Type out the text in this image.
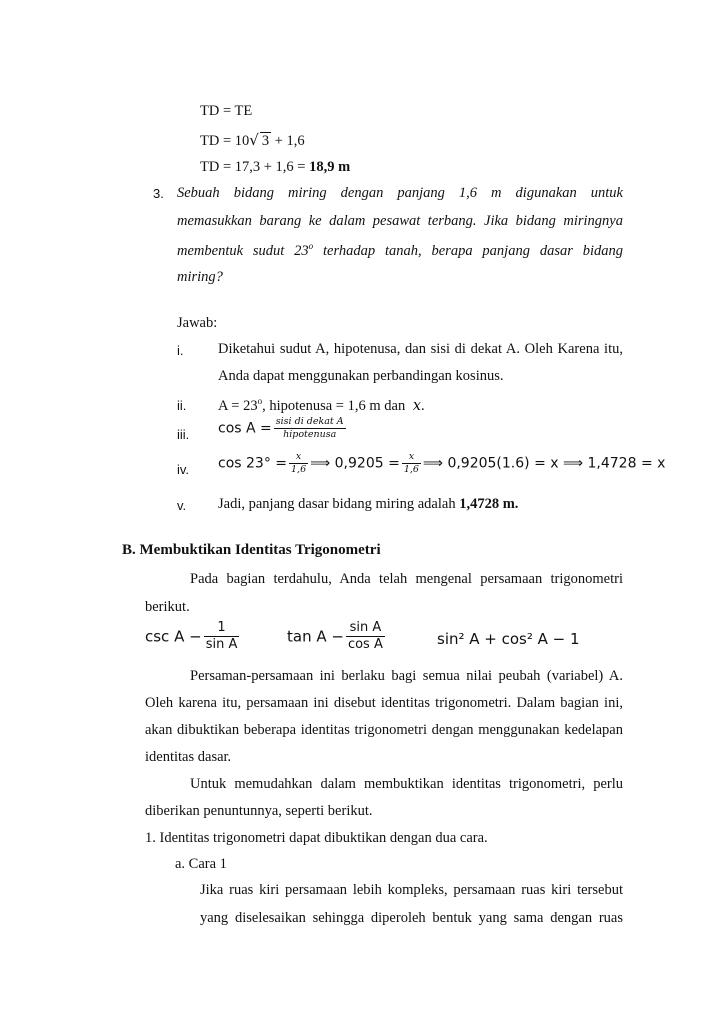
TD = TE
TD = 10√ 3 + 1,6
TD = 17,3 + 1,6 = 18,9 m
3. Sebuah bidang miring dengan panjang 1,6 m digunakan untuk
memasukkan barang ke dalam pesawat terbang. Jika bidang miringnya
membentuk sudut 23$^o$ terhadap tanah, berapa panjang dasar bidang
miring?
Jawab:
i. Diketahui sudut A, hipotenusa, dan sisi di dekat A. Oleh Karena itu,
Anda dapat menggunakan perbandingan kosinus.
ii. $A = 23^o$, hipotenusa = 1,6 m dan x.
iii. $\cos A = \frac{\text{sisi di dekat A}}{\text{hipotenusa}}$
iv. $\cos 23^\circ = \frac{x}{1,6}$ ⟹ $0,9205 = \frac{x}{1,6}$ ⟹ 0,9205(1.6) = x ⟹ 1,4728 = x
v. Jadi, panjang dasar bidang miring adalah 1,4728 m.
B. Membuktikan Identitas Trigonometri
Pada bagian terdahulu, Anda telah mengenal persamaan trigonometri
berikut.
$\csc A - \frac{1}{\text{sin A}}$	$\tan A - \frac{\text{sin A}}{\text{cos A}}$	sin² A + cos² A − 1
Persaman-persamaan ini berlaku bagi semua nilai peubah (variabel) A.
Oleh karena itu, persamaan ini disebut identitas trigonometri. Dalam bagian ini,
akan dibuktikan beberapa identitas trigonometri dengan menggunakan kedelapan
identitas dasar.
Untuk memudahkan dalam membuktikan identitas trigonometri, perlu
diberikan penuntunnya, seperti berikut.
1. Identitas trigonometri dapat dibuktikan dengan dua cara.
a. Cara 1
Jika ruas kiri persamaan lebih kompleks, persamaan ruas kiri tersebut
yang diselesaikan sehingga diperoleh bentuk yang sama dengan ruas
